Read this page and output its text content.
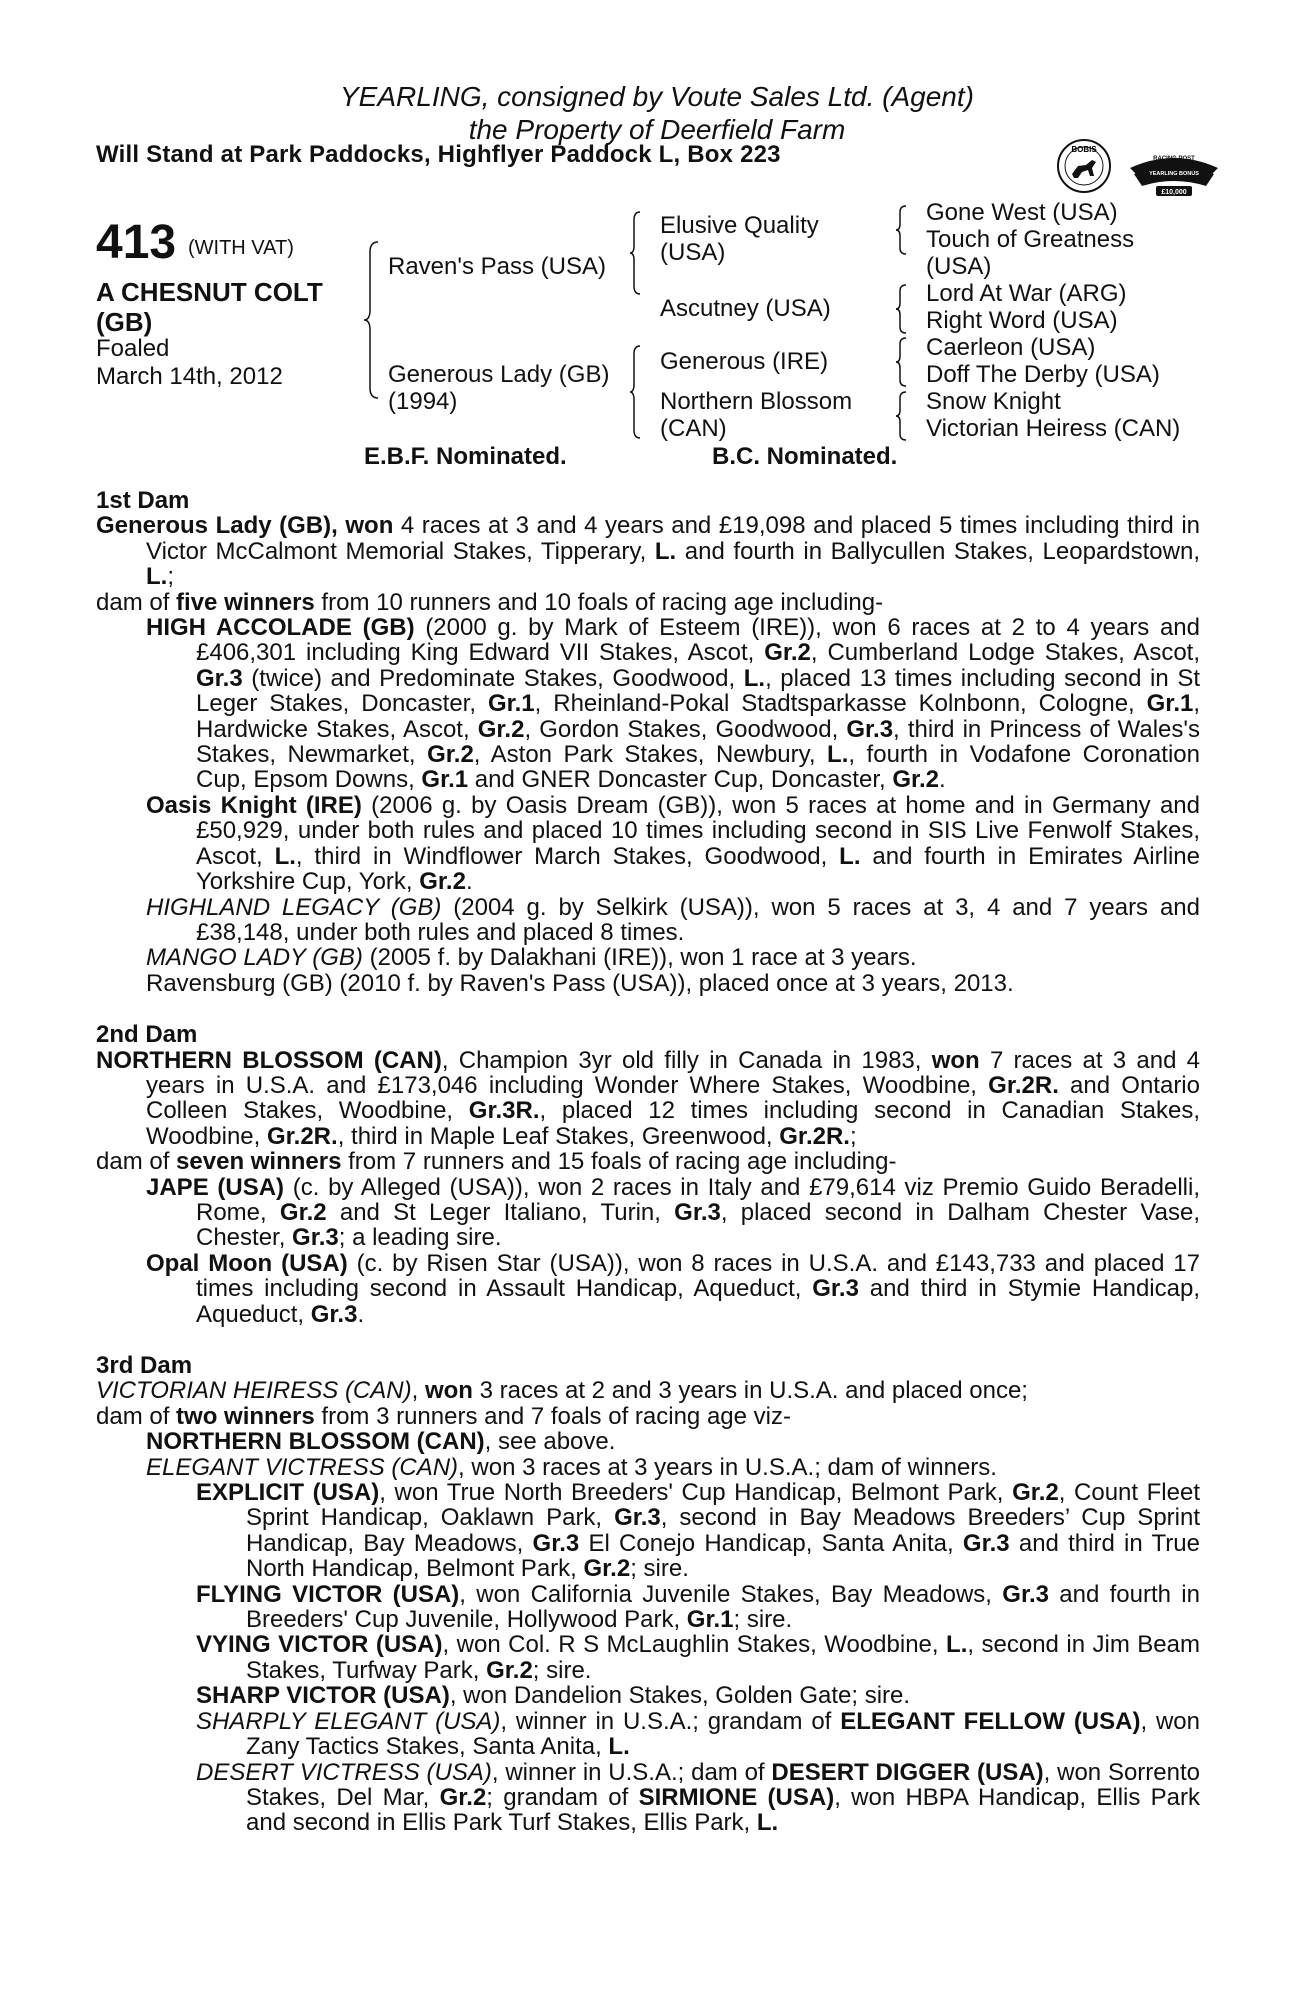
YEARLING, consigned by Voute Sales Ltd. (Agent)
the Property of Deerfield Farm
Will Stand at Park Paddocks, Highflyer Paddock L, Box 223	BOBIS
RACING POST
YEARLING BONUS
£10,000
413 (WITH VAT)
A CHESNUT COLT
(GB)
Foaled
March 14th, 2012
Raven's Pass (USA)
Generous Lady (GB)
(1994)
Elusive Quality
(USA)
Ascutney (USA)
Generous (IRE)
Northern Blossom
(CAN)
Gone West (USA)
Touch of Greatness
(USA)
Lord At War (ARG)
Right Word (USA)
Caerleon (USA)
Doff The Derby (USA)
Snow Knight
Victorian Heiress (CAN)
E.B.F. Nominated.	B.C. Nominated.

1st Dam

Generous Lady (GB), won 4 races at 3 and 4 years and £19,098 and placed 5 times including third in Victor McCalmont Memorial Stakes, Tipperary, L. and fourth in Ballycullen Stakes, Leopardstown, L.;

dam of five winners from 10 runners and 10 foals of racing age including-

HIGH ACCOLADE (GB) (2000 g. by Mark of Esteem (IRE)), won 6 races at 2 to 4 years and £406,301 including King Edward VII Stakes, Ascot, Gr.2, Cumberland Lodge Stakes, Ascot, Gr.3 (twice) and Predominate Stakes, Goodwood, L., placed 13 times including second in St Leger Stakes, Doncaster, Gr.1, Rheinland-Pokal Stadtsparkasse Kolnbonn, Cologne, Gr.1, Hardwicke Stakes, Ascot, Gr.2, Gordon Stakes, Goodwood, Gr.3, third in Princess of Wales's Stakes, Newmarket, Gr.2, Aston Park Stakes, Newbury, L., fourth in Vodafone Coronation Cup, Epsom Downs, Gr.1 and GNER Doncaster Cup, Doncaster, Gr.2.

Oasis Knight (IRE) (2006 g. by Oasis Dream (GB)), won 5 races at home and in Germany and £50,929, under both rules and placed 10 times including second in SIS Live Fenwolf Stakes, Ascot, L., third in Windflower March Stakes, Goodwood, L. and fourth in Emirates Airline Yorkshire Cup, York, Gr.2.

HIGHLAND LEGACY (GB) (2004 g. by Selkirk (USA)), won 5 races at 3, 4 and 7 years and £38,148, under both rules and placed 8 times.

MANGO LADY (GB) (2005 f. by Dalakhani (IRE)), won 1 race at 3 years.

Ravensburg (GB) (2010 f. by Raven's Pass (USA)), placed once at 3 years, 2013.

2nd Dam

NORTHERN BLOSSOM (CAN), Champion 3yr old filly in Canada in 1983, won 7 races at 3 and 4 years in U.S.A. and £173,046 including Wonder Where Stakes, Woodbine, Gr.2R. and Ontario Colleen Stakes, Woodbine, Gr.3R., placed 12 times including second in Canadian Stakes, Woodbine, Gr.2R., third in Maple Leaf Stakes, Greenwood, Gr.2R.;

dam of seven winners from 7 runners and 15 foals of racing age including-

JAPE (USA) (c. by Alleged (USA)), won 2 races in Italy and £79,614 viz Premio Guido Beradelli, Rome, Gr.2 and St Leger Italiano, Turin, Gr.3, placed second in Dalham Chester Vase, Chester, Gr.3; a leading sire.

Opal Moon (USA) (c. by Risen Star (USA)), won 8 races in U.S.A. and £143,733 and placed 17 times including second in Assault Handicap, Aqueduct, Gr.3 and third in Stymie Handicap, Aqueduct, Gr.3.

3rd Dam

VICTORIAN HEIRESS (CAN), won 3 races at 2 and 3 years in U.S.A. and placed once;

dam of two winners from 3 runners and 7 foals of racing age viz-

NORTHERN BLOSSOM (CAN), see above.

ELEGANT VICTRESS (CAN), won 3 races at 3 years in U.S.A.; dam of winners.

EXPLICIT (USA), won True North Breeders' Cup Handicap, Belmont Park, Gr.2, Count Fleet Sprint Handicap, Oaklawn Park, Gr.3, second in Bay Meadows Breeders’ Cup Sprint Handicap, Bay Meadows, Gr.3 El Conejo Handicap, Santa Anita, Gr.3 and third in True North Handicap, Belmont Park, Gr.2; sire.

FLYING VICTOR (USA), won California Juvenile Stakes, Bay Meadows, Gr.3 and fourth in Breeders' Cup Juvenile, Hollywood Park, Gr.1; sire.

VYING VICTOR (USA), won Col. R S McLaughlin Stakes, Woodbine, L., second in Jim Beam Stakes, Turfway Park, Gr.2; sire.

SHARP VICTOR (USA), won Dandelion Stakes, Golden Gate; sire.

SHARPLY ELEGANT (USA), winner in U.S.A.; grandam of ELEGANT FELLOW (USA), won Zany Tactics Stakes, Santa Anita, L.

DESERT VICTRESS (USA), winner in U.S.A.; dam of DESERT DIGGER (USA), won Sorrento Stakes, Del Mar, Gr.2; grandam of SIRMIONE (USA), won HBPA Handicap, Ellis Park and second in Ellis Park Turf Stakes, Ellis Park, L.
